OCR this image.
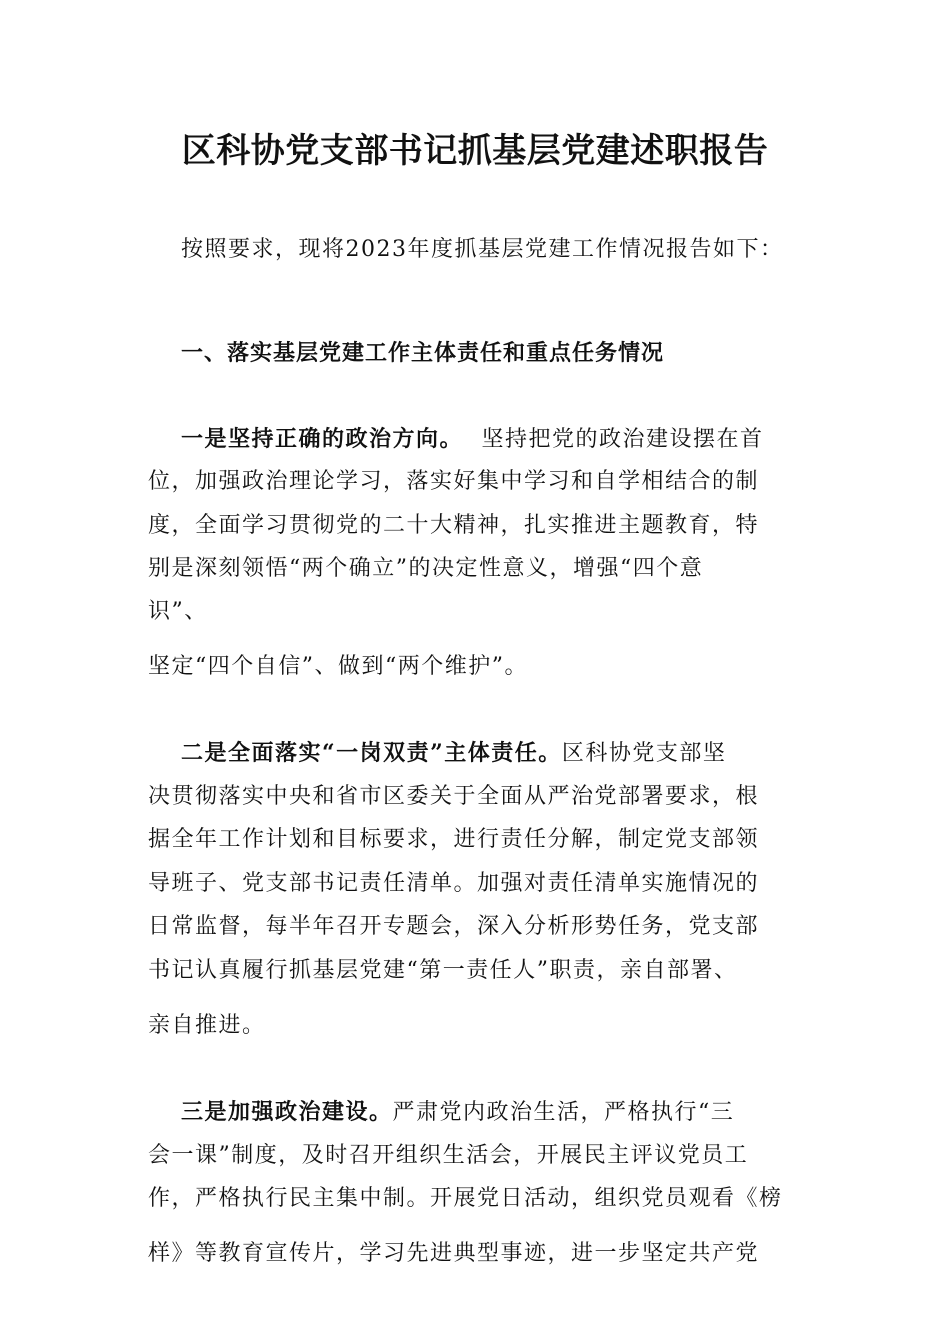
区科协党支部书记抓基层党建述职报告
按照要求，现将2023年度抓基层党建工作情况报告如下：
一、落实基层党建工作主体责任和重点任务情况
一是坚持正确的政治方向。 坚持把党的政治建设摆在首
位，加强政治理论学习，落实好集中学习和自学相结合的制
度，全面学习贯彻党的二十大精神，扎实推进主题教育，特
别是深刻领悟“两个确立”的决定性意义，增强“四个意
识”、
坚定“四个自信”、做到“两个维护”。
二是全面落实“一岗双责”主体责任。区科协党支部坚
决贯彻落实中央和省市区委关于全面从严治党部署要求，根
据全年工作计划和目标要求，进行责任分解，制定党支部领
导班子、党支部书记责任清单。加强对责任清单实施情况的
日常监督，每半年召开专题会，深入分析形势任务，党支部
书记认真履行抓基层党建“第一责任人”职责，亲自部署、
亲自推进。
三是加强政治建设。严肃党内政治生活，严格执行“三
会一课”制度，及时召开组织生活会，开展民主评议党员工
作，严格执行民主集中制。开展党日活动，组织党员观看《榜
样》等教育宣传片，学习先进典型事迹，进一步坚定共产党
